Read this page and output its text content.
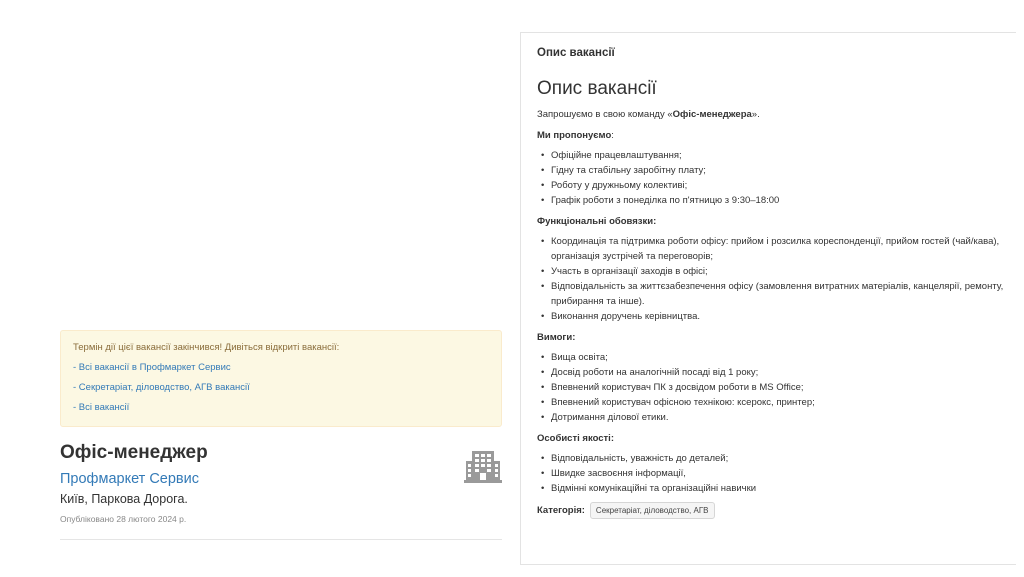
Термін дії цієї вакансії закінчився! Дивіться відкриті вакансії:
- Всі вакансії в Профмаркет Сервис
- Секретаріат, діловодство, АГВ вакансії
- Всі вакансії
Офіс-менеджер
Профмаркет Сервис
Київ, Паркова Дорога.
Опубліковано 28 лютого 2024 р.
Опис вакансії
Опис вакансії

Запрошуємо в свою команду «Офіс-менеджера».

Ми пропонуємо:
• Офіційне працевлаштування;
• Гідну та стабільну заробітну плату;
• Роботу у дружньому колективі;
• Графік роботи з понеділка по п'ятницю з 9:30–18:00
Функціональні обовязки:
• Координація та підтримка роботи офісу: прийом і розсилка кореспонденції, прийом гостей (чай/кава), організація зустрічей та переговорів;
• Участь в організації заходів в офісі;
• Відповідальність за життєзабезпечення офісу (замовлення витратних матеріалів, канцелярії, ремонту, прибирання та інше).
• Виконання доручень керівництва.
Вимоги:
• Вища освіта;
• Досвід роботи на аналогічній посаді від 1 року;
• Впевнений користувач ПК з досвідом роботи в MS Office;
• Впевнений користувач офісною технікою: ксерокс, принтер;
• Дотримання ділової етики.
Особисті якості:
• Відповідальність, уважність до деталей;
• Швидке засвоєння інформації,
• Відмінні комунікаційні та організаційні навички
Категорія:	Секретаріат, діловодство, АГВ
